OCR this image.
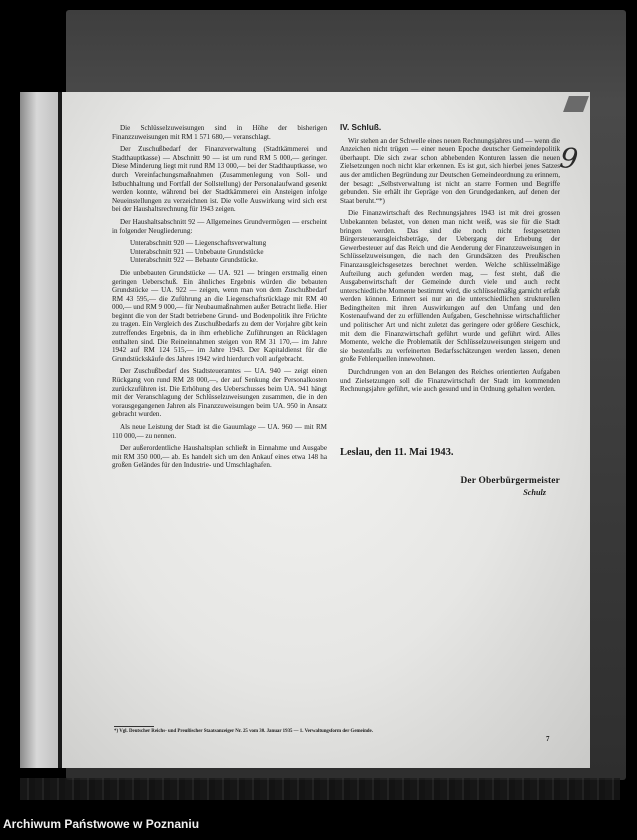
Die Schlüsselzuweisungen sind in Höhe der bisherigen Finanzzuweisungen mit RM 1 571 680,— veranschlagt.

Der Zuschußbedarf der Finanzverwaltung (Stadtkämmerei und Stadthauptkasse) — Abschnitt 90 — ist um rund RM 5 000,— geringer. Diese Minderung liegt mit rund RM 13 000,— bei der Stadthauptkasse, wo durch Vereinfachungsmaßnahmen (Zusammenlegung von Soll- und Istbuchhaltung und Fortfall der Sollstellung) der Personalaufwand gesenkt werden konnte, während bei der Stadtkämmerei ein Ansteigen infolge Neueinstellungen zu verzeichnen ist. Die volle Auswirkung wird sich erst bei der Haushaltsrechnung für 1943 zeigen.

Der Haushaltsabschnitt 92 — Allgemeines Grundvermögen — erscheint in folgender Neugliederung:

Unterabschnitt 920 — Liegenschaftsverwaltung
Unterabschnitt 921 — Unbebaute Grundstücke
Unterabschnitt 922 — Bebaute Grundstücke.

Die unbebauten Grundstücke — UA. 921 — bringen erstmalig einen geringen Ueberschuß. Ein ähnliches Ergebnis würden die bebauten Grundstücke — UA. 922 — zeigen, wenn man von dem Zuschußbedarf RM 43 595,— die Zuführung an die Liegenschaftsrücklage mit RM 40 000,— und RM 9 000,— für Neubaumaßnahmen außer Betracht ließe. Hier beginnt die von der Stadt betriebene Grund- und Bodenpolitik ihre Früchte zu tragen. Ein Vergleich des Zuschußbedarfs zu dem der Vorjahre gibt kein zutreffendes Ergebnis, da in ihm erhebliche Zuführungen an Rücklagen enthalten sind. Die Reineinnahmen steigen von RM 31 170,— im Jahre 1942 auf RM 124 515,— im Jahre 1943. Der Kapitaldienst für die Grundstückskäufe des Jahres 1942 wird hierdurch voll aufgebracht.

Der Zuschußbedarf des Stadtsteueramtes — UA. 940 — zeigt einen Rückgang von rund RM 28 000,—, der auf Senkung der Personalkosten zurückzuführen ist. Die Erhöhung des Ueberschusses beim UA. 941 hängt mit der Veranschlagung der Schlüsselzuweisungen zusammen, die in den vorausgegangenen Jahren als Finanzzuweisungen beim UA. 950 in Ansatz gebracht wurden.

Als neue Leistung der Stadt ist die Gauumlage — UA. 960 — mit RM 110 000,— zu nennen.

Der außerordentliche Haushaltsplan schließt in Einnahme und Ausgabe mit RM 350 000,— ab. Es handelt sich um den Ankauf eines etwa 148 ha großen Geländes für den Industrie- und Umschlaghafen.

IV. Schluß.

Wir stehen an der Schwelle eines neuen Rechnungsjahres und — wenn die Anzeichen nicht trügen — einer neuen Epoche deutscher Gemeindepolitik überhaupt. Die sich zwar schon abhebenden Konturen lassen die neuen Zielsetzungen noch nicht klar erkennen. Es ist gut, sich hierbei jenes Satzes aus der amtlichen Begründung zur Deutschen Gemeindeordnung zu erinnern, der besagt: „Selbstverwaltung ist nicht an starre Formen und Begriffe gebunden. Sie erhält ihr Gepräge von den Grundgedanken, auf denen der Staat beruht.“*)

Die Finanzwirtschaft des Rechnungsjahres 1943 ist mit drei grossen Unbekannten belastet, von denen man nicht weiß, was sie für die Stadt bringen werden. Das sind die noch nicht festgesetzten Bürgersteuerausgleichsbeträge, der Uebergang der Erhebung der Gewerbesteuer auf das Reich und die Aenderung der Finanzzuweisungen in Schlüsselzuweisungen, die nach den Grundsätzen des Preußischen Finanzausgleichsgesetzes berechnet werden. Welche schlüsselmäßige Aufteilung auch gefunden werden mag, — fest steht, daß die Ausgabenwirtschaft der Gemeinde durch viele und auch recht unterschiedliche Momente bestimmt wird, die schlüsselmäßig garnicht erfaßt werden können. Erinnert sei nur an die unterschiedlichen strukturellen Bedingtheiten mit ihren Auswirkungen auf den Umfang und den Kostenaufwand der zu erfüllenden Aufgaben, Geschehnisse wirtschaftlicher und politischer Art und nicht zuletzt das geringere oder größere Geschick, mit dem die Finanzwirtschaft geführt wurde und geführt wird. Alles Momente, welche die Problematik der Schlüsselzuweisungen steigern und sie bestenfalls zu verfeinerten Bedarfsschätzungen werden lassen, denen große Fehlerquellen innewohnen.

Durchdrungen von an den Belangen des Reiches orientierten Aufgaben und Zielsetzungen soll die Finanzwirtschaft der Stadt im kommenden Rechnungsjahre geführt, wie auch gesund und in Ordnung gehalten werden.

9
Leslau, den 11. Mai 1943.
Der Oberbürgermeister
Schulz
*) Vgl. Deutscher Reichs- und Preußischer Staatsanzeiger Nr. 25 vom 30. Januar 1935 — 1. Verwaltungsform der Gemeinde.
7
Archiwum Państwowe w Poznaniu
